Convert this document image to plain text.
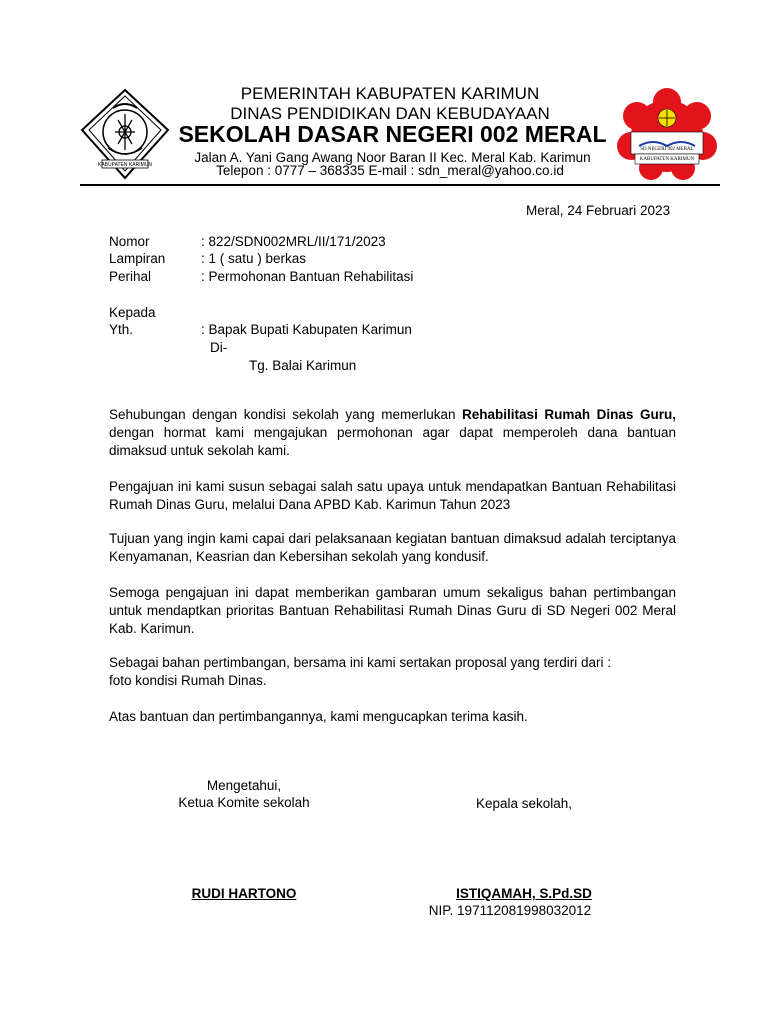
KABUPATEN KARIMUN
PEMERINTAH KABUPATEN KARIMUN
DINAS PENDIDIKAN DAN KEBUDAYAAN
SEKOLAH DASAR NEGERI 002 MERAL
Jalan A. Yani Gang Awang Noor Baran II Kec. Meral Kab. Karimun
Telepon : 0777 – 368335 E-mail : sdn_meral@yahoo.co.id
SD NEGERI 002 MERAL
KABUPATEN KARIMUN
Meral, 24 Februari 2023
Nomor	: 822/SDN002MRL/II/171/2023
Lampiran	: 1 ( satu ) berkas
Perihal	: Permohonan Bantuan Rehabilitasi
Kepada
Yth.	: Bapak Bupati Kabupaten Karimun
Di-
Tg. Balai Karimun
Sehubungan dengan kondisi sekolah yang memerlukan Rehabilitasi Rumah Dinas Guru, dengan hormat kami mengajukan permohonan agar dapat memperoleh dana bantuan dimaksud untuk sekolah kami.
Pengajuan ini kami susun sebagai salah satu upaya untuk mendapatkan Bantuan Rehabilitasi Rumah Dinas Guru, melalui Dana APBD Kab. Karimun Tahun 2023
Tujuan yang ingin kami capai dari pelaksanaan kegiatan bantuan dimaksud adalah terciptanya Kenyamanan, Keasrian dan Kebersihan sekolah yang kondusif.
Semoga pengajuan ini dapat memberikan gambaran umum sekaligus bahan pertimbangan untuk mendaptkan prioritas Bantuan Rehabilitasi Rumah Dinas Guru di SD Negeri 002 Meral Kab. Karimun.
Sebagai bahan pertimbangan, bersama ini kami sertakan proposal yang terdiri dari :
foto kondisi Rumah Dinas.
Atas bantuan dan pertimbangannya, kami mengucapkan terima kasih.
Mengetahui,
Ketua Komite sekolah	Kepala sekolah,
RUDI HARTONO	ISTIQAMAH, S.Pd.SD
NIP. 197112081998032012
